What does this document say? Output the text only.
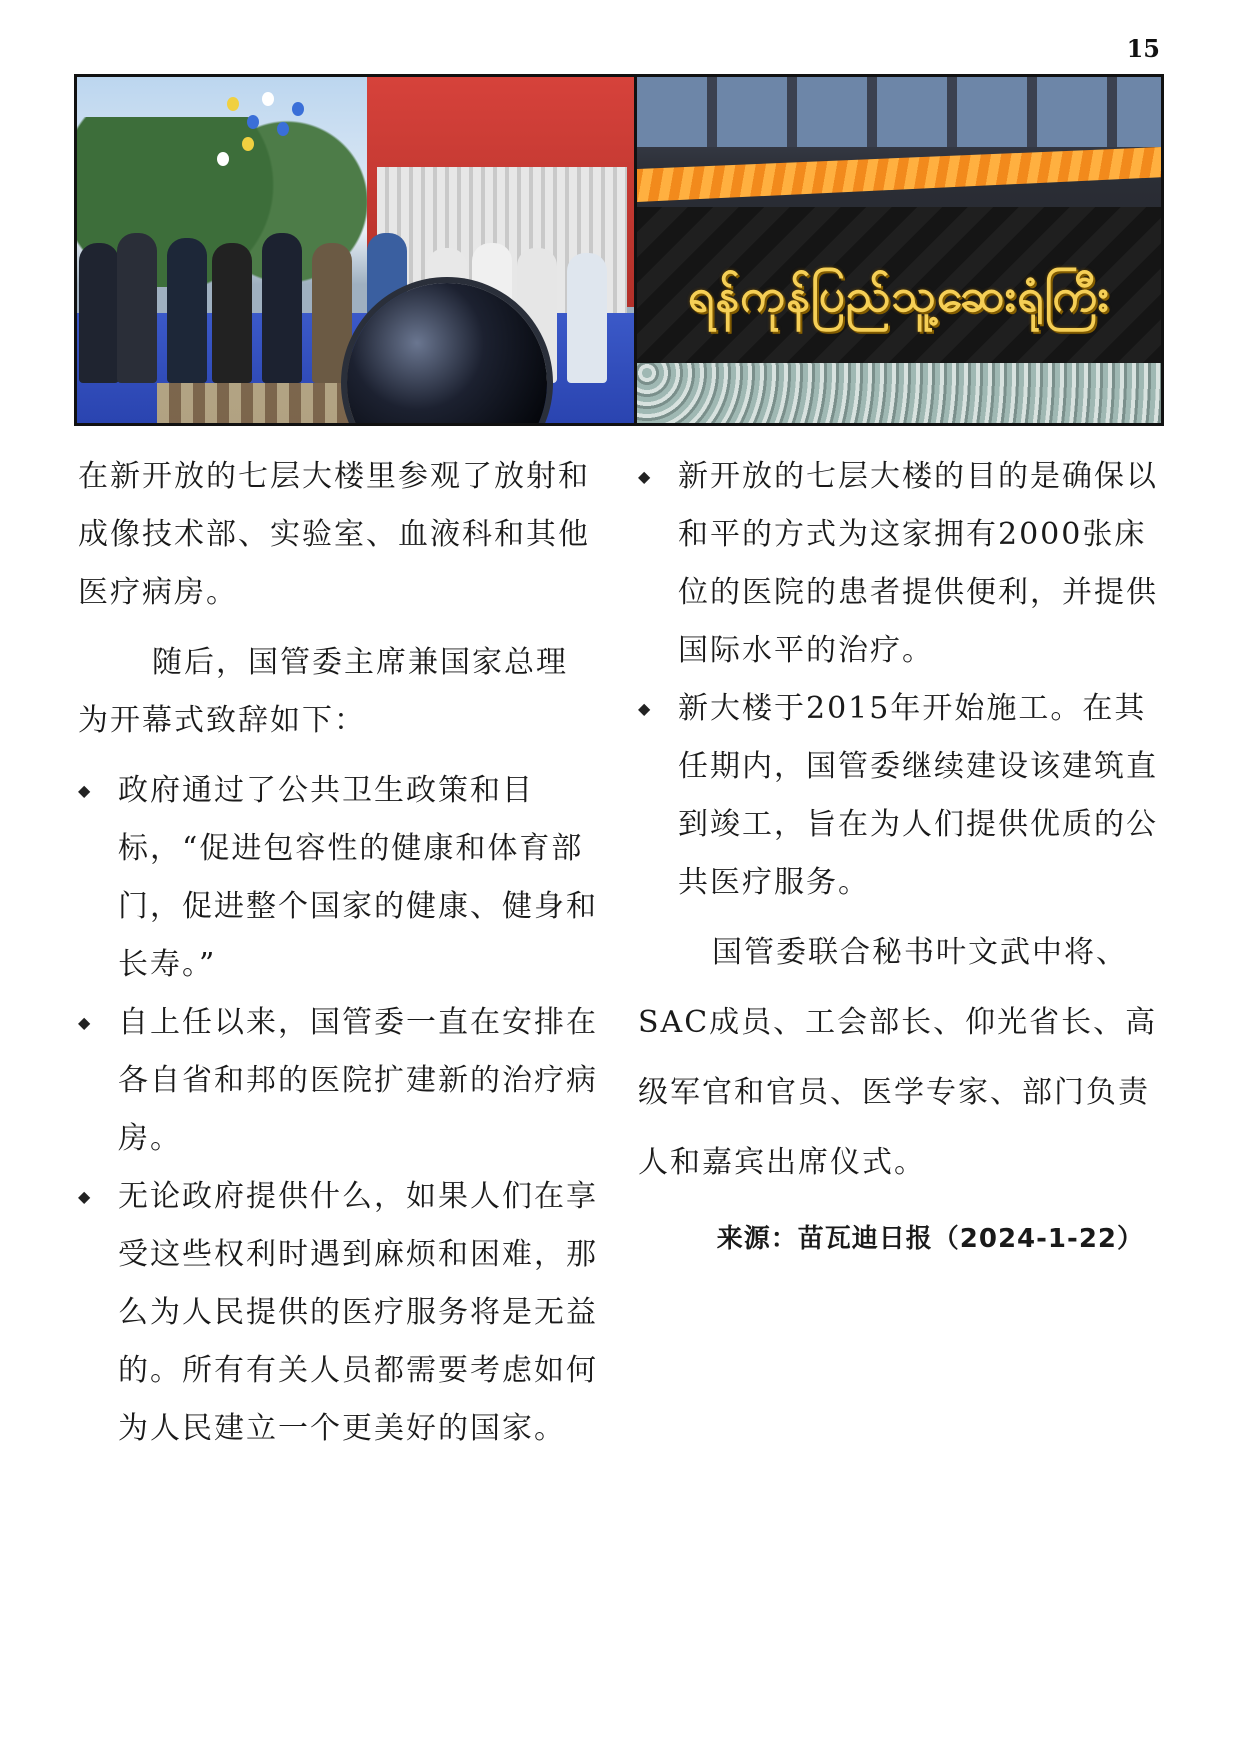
15
ရန်ကုန်ပြည်သူ့ဆေးရုံကြီး

在新开放的七层大楼里参观了放射和成像技术部、实验室、血液科和其他医疗病房。

随后，国管委主席兼国家总理为开幕式致辞如下：

◆ 政府通过了公共卫生政策和目标，“促进包容性的健康和体育部门，促进整个国家的健康、健身和长寿。”

◆ 自上任以来，国管委一直在安排在各自省和邦的医院扩建新的治疗病房。

◆ 无论政府提供什么，如果人们在享受这些权利时遇到麻烦和困难，那么为人民提供的医疗服务将是无益的。所有有关人员都需要考虑如何为人民建立一个更美好的国家。

◆ 新开放的七层大楼的目的是确保以和平的方式为这家拥有2000张床位的医院的患者提供便利，并提供国际水平的治疗。

◆ 新大楼于2015年开始施工。在其任期内，国管委继续建设该建筑直到竣工，旨在为人们提供优质的公共医疗服务。

国管委联合秘书叶文武中将、SAC成员、工会部长、仰光省长、高级军官和官员、医学专家、部门负责人和嘉宾出席仪式。

来源：苗瓦迪日报（2024-1-22）
